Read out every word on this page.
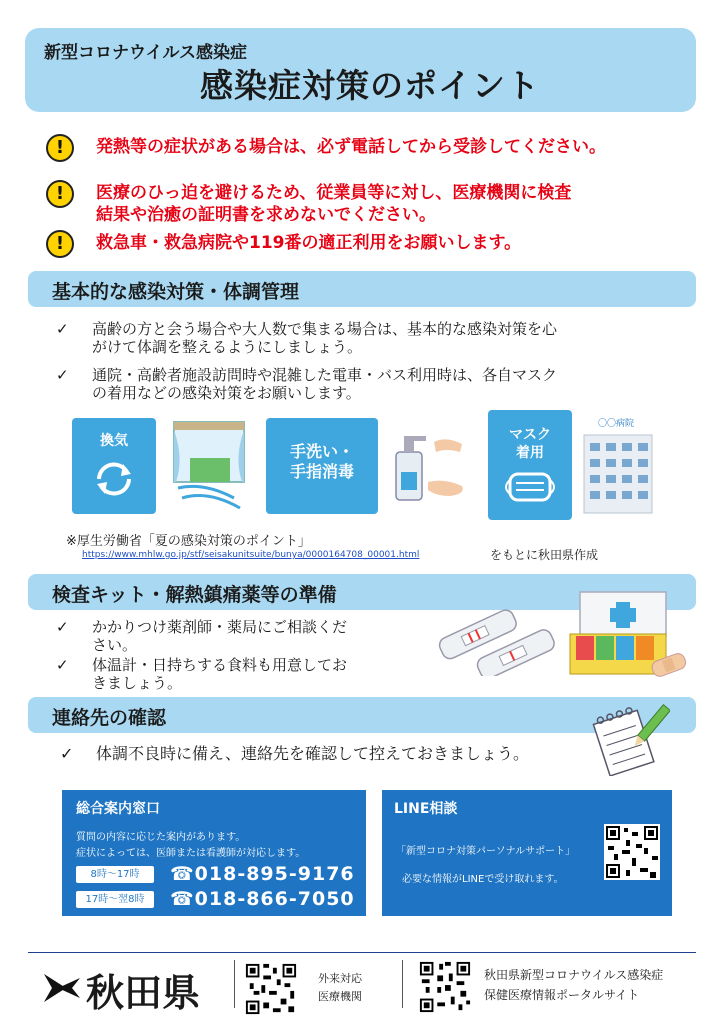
新型コロナウイルス感染症
感染症対策のポイント
!	発熱等の症状がある場合は、必ず電話してから受診してください。
!	医療のひっ迫を避けるため、従業員等に対し、医療機関に検査
結果や治癒の証明書を求めないでください。
!	救急車・救急病院や119番の適正利用をお願いします。
基本的な感染対策・体調管理
✓ 高齢の方と会う場合や大人数で集まる場合は、基本的な感染対策を心
がけて体調を整えるようにしましょう。
✓ 通院・高齢者施設訪問時や混雑した電車・バス利用時は、各自マスク
の着用などの感染対策をお願いします。
換気
手洗い・
手指消毒
マスク
着用
〇〇病院
※厚生労働省「夏の感染対策のポイント」
https://www.mhlw.go.jp/stf/seisakunitsuite/bunya/0000164708_00001.html	をもとに秋田県作成
検査キット・解熱鎮痛薬等の準備
✓ かかりつけ薬剤師・薬局にご相談くだ
さい。
✓ 体温計・日持ちする食料も用意してお
きましょう。
連絡先の確認
✓ 体調不良時に備え、連絡先を確認して控えておきましょう。
総合案内窓口
質問の内容に応じた案内があります。
症状によっては、医師または看護師が対応します。
8時〜17時	☎018-895-9176
17時〜翌8時	☎018-866-7050
LINE相談
「新型コロナ対策パーソナルサポート」
必要な情報がLINEで受け取れます。
秋田県	外来対応
医療機関
秋田県新型コロナウイルス感染症
保健医療情報ポータルサイト
